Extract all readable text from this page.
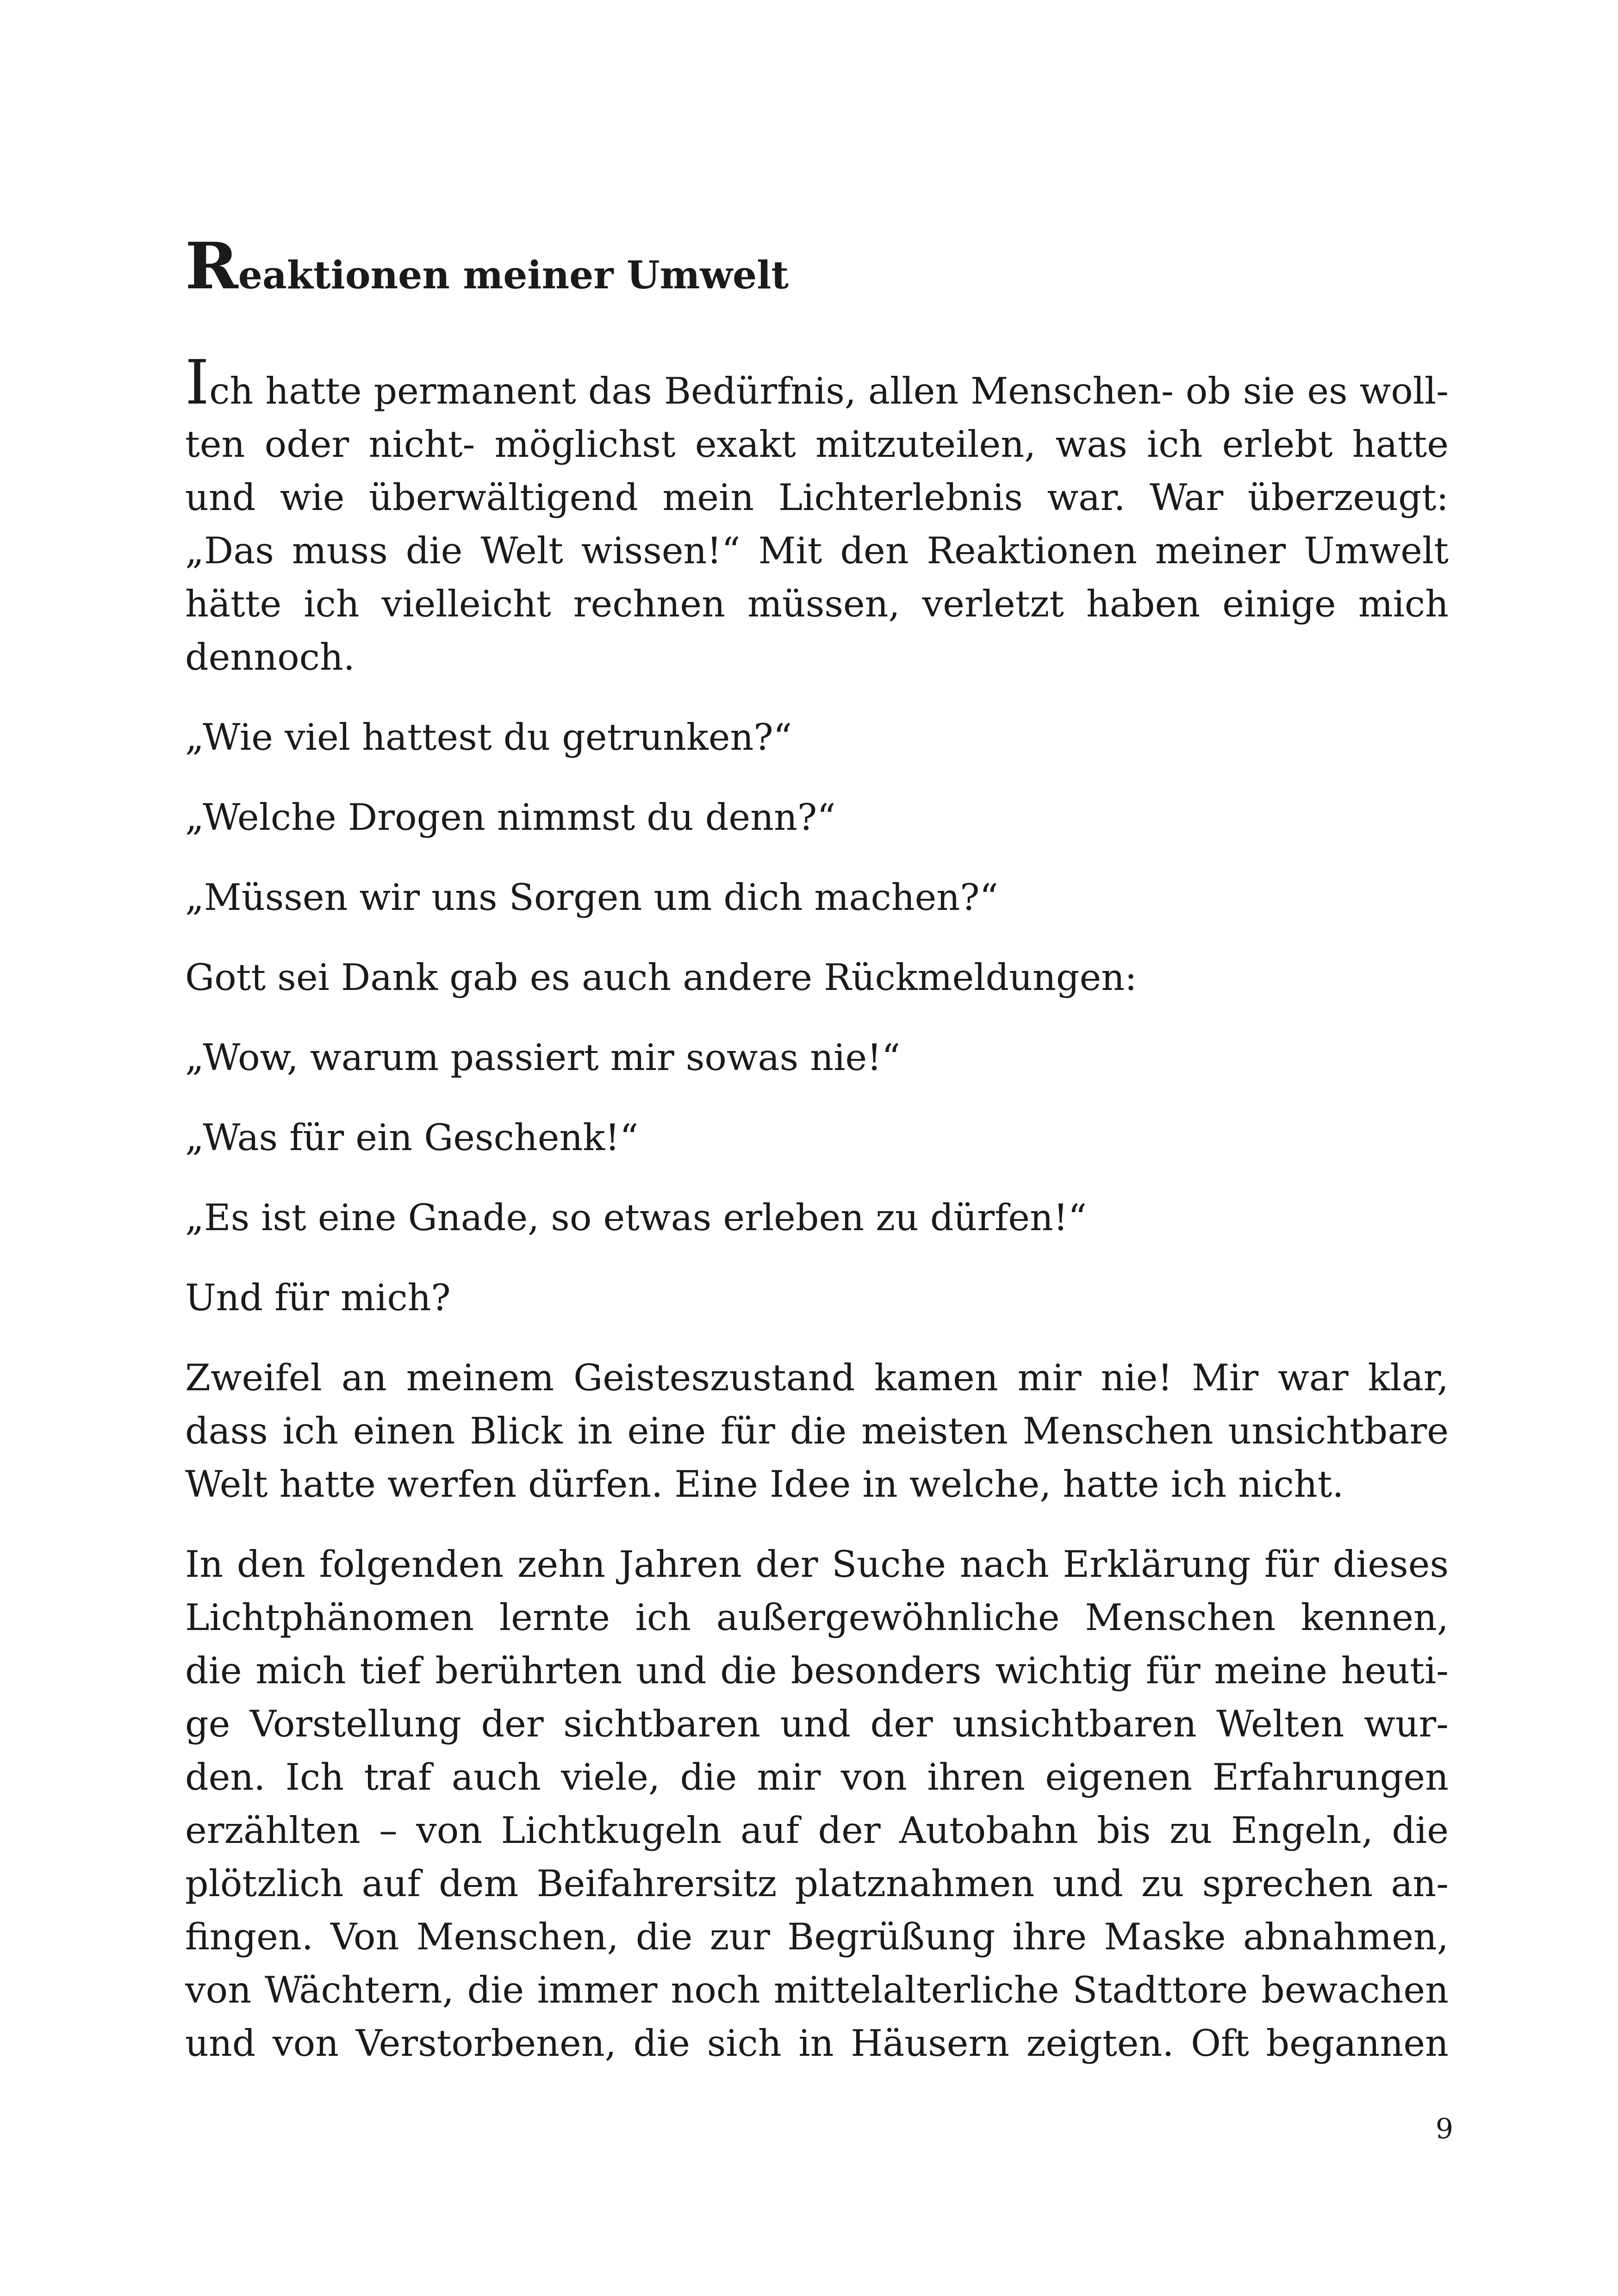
Reaktionen meiner Umwelt
Ich hatte permanent das Bedürfnis, allen Menschen- ob sie es woll-
ten oder nicht- möglichst exakt mitzuteilen, was ich erlebt hatte
und wie überwältigend mein Lichterlebnis war. War überzeugt:
„Das muss die Welt wissen!“ Mit den Reaktionen meiner Umwelt
hätte ich vielleicht rechnen müssen, verletzt haben einige mich
dennoch.

„Wie viel hattest du getrunken?“

„Welche Drogen nimmst du denn?“

„Müssen wir uns Sorgen um dich machen?“

Gott sei Dank gab es auch andere Rückmeldungen:

„Wow, warum passiert mir sowas nie!“

„Was für ein Geschenk!“

„Es ist eine Gnade, so etwas erleben zu dürfen!“

Und für mich?

Zweifel an meinem Geisteszustand kamen mir nie! Mir war klar,
dass ich einen Blick in eine für die meisten Menschen unsichtbare
Welt hatte werfen dürfen. Eine Idee in welche, hatte ich nicht.
In den folgenden zehn Jahren der Suche nach Erklärung für dieses
Lichtphänomen lernte ich außergewöhnliche Menschen kennen,
die mich tief berührten und die besonders wichtig für meine heuti-
ge Vorstellung der sichtbaren und der unsichtbaren Welten wur-
den. Ich traf auch viele, die mir von ihren eigenen Erfahrungen
erzählten – von Lichtkugeln auf der Autobahn bis zu Engeln, die
plötzlich auf dem Beifahrersitz platznahmen und zu sprechen an-
fingen. Von Menschen, die zur Begrüßung ihre Maske abnahmen,
von Wächtern, die immer noch mittelalterliche Stadttore bewachen
und von Verstorbenen, die sich in Häusern zeigten. Oft begannen
9
